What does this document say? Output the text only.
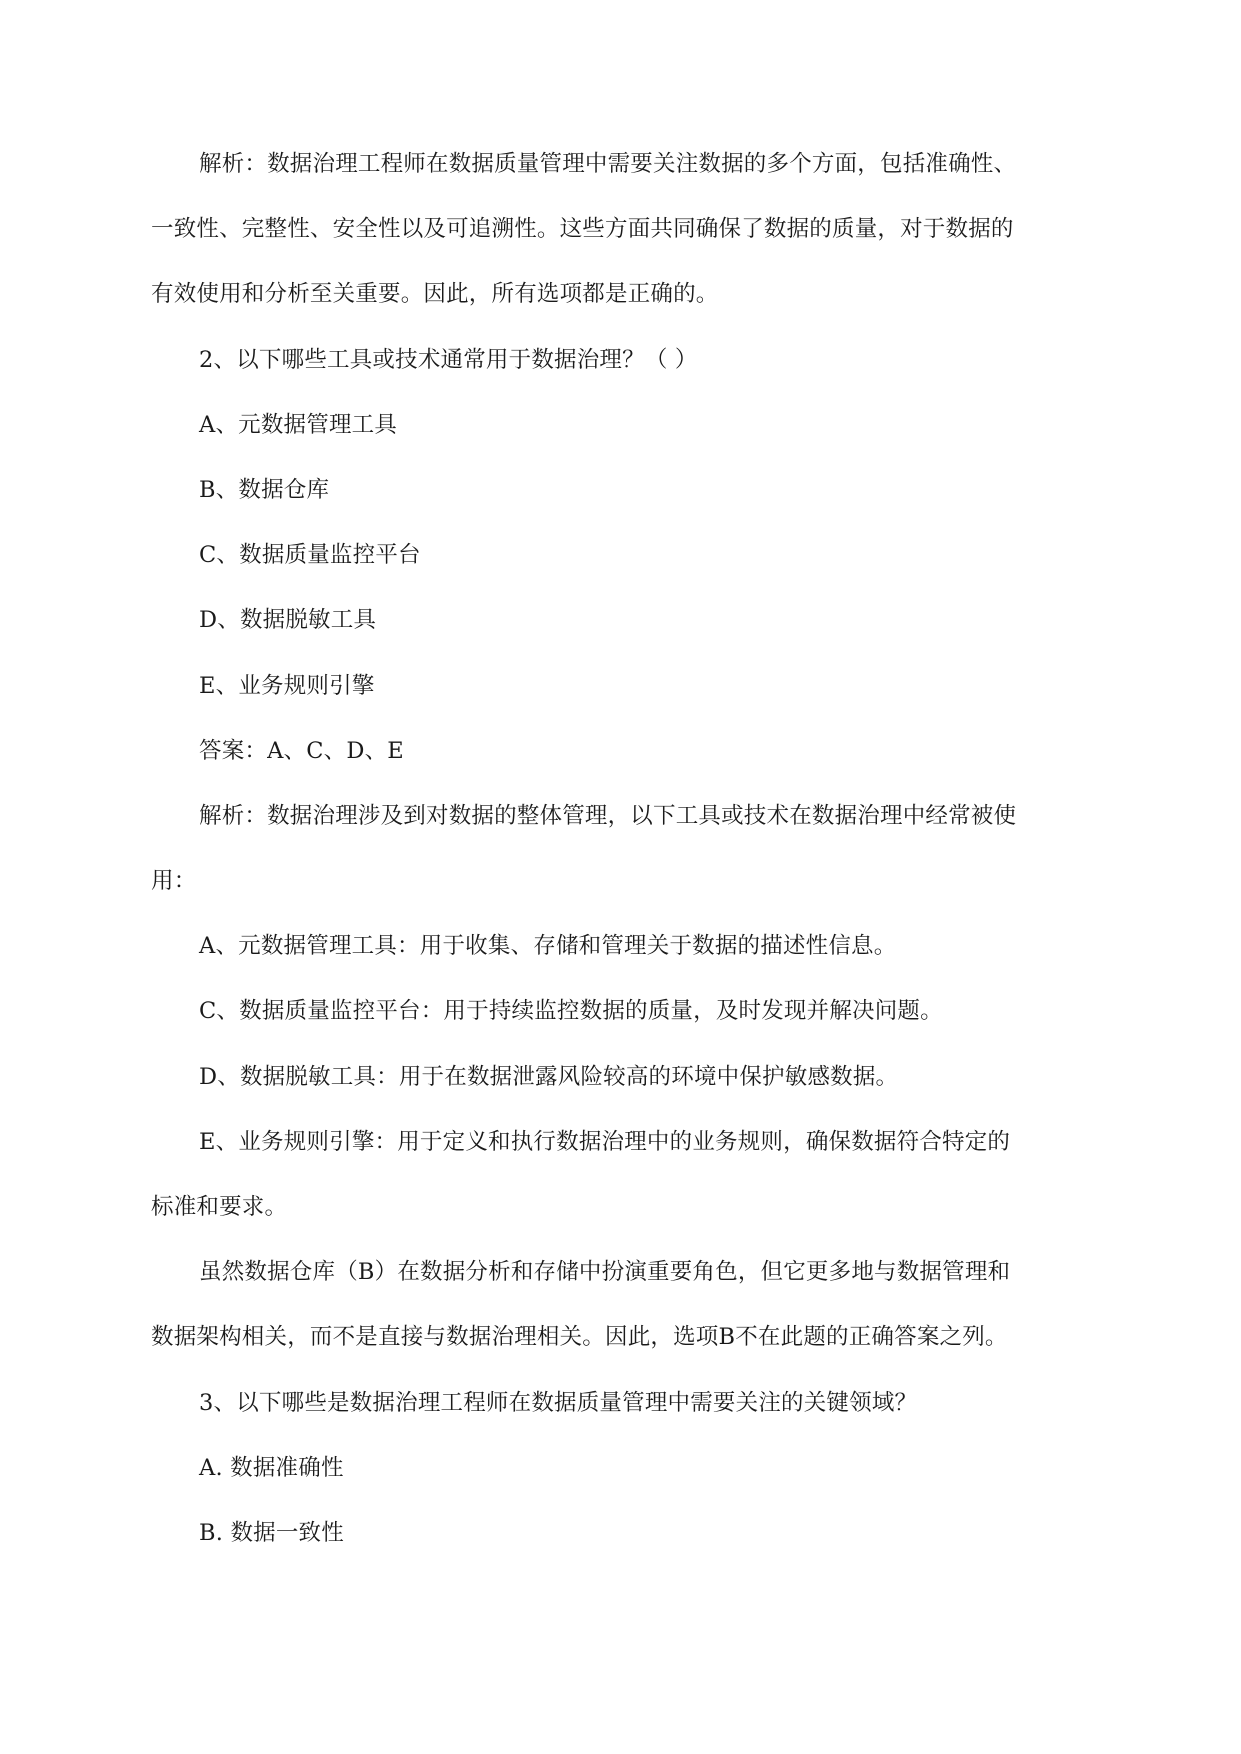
解析：数据治理工程师在数据质量管理中需要关注数据的多个方面，包括准确性、
一致性、完整性、安全性以及可追溯性。这些方面共同确保了数据的质量，对于数据的
有效使用和分析至关重要。因此，所有选项都是正确的。
2、以下哪些工具或技术通常用于数据治理？（ ）
A、元数据管理工具
B、数据仓库
C、数据质量监控平台
D、数据脱敏工具
E、业务规则引擎
答案：A、C、D、E
解析：数据治理涉及到对数据的整体管理，以下工具或技术在数据治理中经常被使
用：
A、元数据管理工具：用于收集、存储和管理关于数据的描述性信息。
C、数据质量监控平台：用于持续监控数据的质量，及时发现并解决问题。
D、数据脱敏工具：用于在数据泄露风险较高的环境中保护敏感数据。
E、业务规则引擎：用于定义和执行数据治理中的业务规则，确保数据符合特定的
标准和要求。
虽然数据仓库（B）在数据分析和存储中扮演重要角色，但它更多地与数据管理和
数据架构相关，而不是直接与数据治理相关。因此，选项B不在此题的正确答案之列。
3、以下哪些是数据治理工程师在数据质量管理中需要关注的关键领域？
A. 数据准确性
B. 数据一致性
